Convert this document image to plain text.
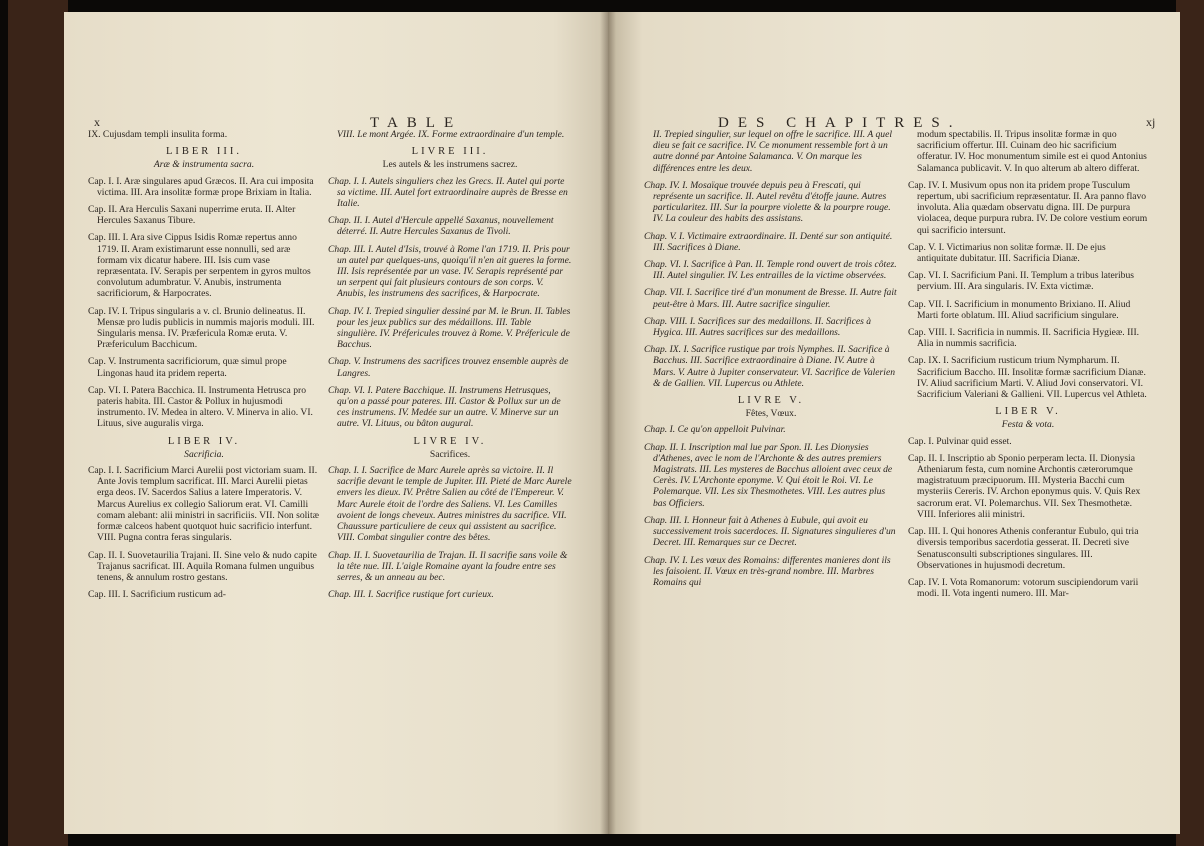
x	TABLE

IX. Cujusdam templi insulita forma.

LIBER III.

Aræ & instrumenta sacra.

Cap. I. I. Aræ singulares apud Græcos. II. Ara cui imposita victima. III. Ara insolitæ formæ prope Brixiam in Italia.

Cap. II. Ara Herculis Saxani nuperrime eruta. II. Alter Hercules Saxanus Tibure.

Cap. III. I. Ara sive Cippus Isidis Romæ repertus anno 1719. II. Aram existimarunt esse nonnulli, sed aræ formam vix dicatur habere. III. Isis cum vase repræsentata. IV. Serapis per serpentem in gyros multos convolutum adumbratur. V. Anubis, instrumenta sacrificiorum, & Harpocrates.

Cap. IV. I. Tripus singularis a v. cl. Brunio delineatus. II. Mensæ pro ludis publicis in nummis majoris moduli. III. Singularis mensa. IV. Præfericula Romæ eruta. V. Præfericulum Bacchicum.

Cap. V. Instrumenta sacrificiorum, quæ simul prope Lingonas haud ita pridem reperta.

Cap. VI. I. Patera Bacchica. II. Instrumenta Hetrusca pro pateris habita. III. Castor & Pollux in hujusmodi instrumento. IV. Medea in altero. V. Minerva in alio. VI. Lituus, sive auguralis virga.

LIBER IV.

Sacrificia.

Cap. I. I. Sacrificium Marci Aurelii post victoriam suam. II. Ante Jovis templum sacrificat. III. Marci Aurelii pietas erga deos. IV. Sacerdos Salius a latere Imperatoris. V. Marcus Aurelius ex collegio Saliorum erat. VI. Camilli comam alebant: alii ministri in sacrificiis. VII. Non solitæ formæ calceos habent quotquot huic sacrificio interfunt. VIII. Pugna contra feras singularis.

Cap. II. I. Suovetaurilia Trajani. II. Sine velo & nudo capite Trajanus sacrificat. III. Aquila Romana fulmen unguibus tenens, & annulum rostro gestans.

Cap. III. I. Sacrificium rusticum ad-

VIII. Le mont Argée. IX. Forme extraordinaire d'un temple.

LIVRE III.

Les autels & les instrumens sacrez.

Chap. I. I. Autels singuliers chez les Grecs. II. Autel qui porte sa victime. III. Autel fort extraordinaire auprès de Bresse en Italie.

Chap. II. I. Autel d'Hercule appellé Saxanus, nouvellement déterré. II. Autre Hercules Saxanus de Tivoli.

Chap. III. I. Autel d'Isis, trouvé à Rome l'an 1719. II. Pris pour un autel par quelques-uns, quoiqu'il n'en ait gueres la forme. III. Isis représentée par un vase. IV. Serapis représenté par un serpent qui fait plusieurs contours de son corps. V. Anubis, les instrumens des sacrifices, & Harpocrate.

Chap. IV. I. Trepied singulier dessiné par M. le Brun. II. Tables pour les jeux publics sur des médaillons. III. Table singulière. IV. Préfericules trouvez à Rome. V. Préfericule de Bacchus.

Chap. V. Instrumens des sacrifices trouvez ensemble auprès de Langres.

Chap. VI. I. Patere Bacchique. II. Instrumens Hetrusques, qu'on a passé pour pateres. III. Castor & Pollux sur un de ces instrumens. IV. Medée sur un autre. V. Minerve sur un autre. VI. Lituus, ou bâton augural.

LIVRE IV.

Sacrifices.

Chap. I. I. Sacrifice de Marc Aurele après sa victoire. II. Il sacrifie devant le temple de Jupiter. III. Pieté de Marc Aurele envers les dieux. IV. Prêtre Salien au côté de l'Empereur. V. Marc Aurele étoit de l'ordre des Saliens. VI. Les Camilles avoient de longs cheveux. Autres ministres du sacrifice. VII. Chaussure particuliere de ceux qui assistent au sacrifice. VIII. Combat singulier contre des bêtes.

Chap. II. I. Suovetaurilia de Trajan. II. Il sacrifie sans voile & la tête nue. III. L'aigle Romaine ayant la foudre entre ses serres, & un anneau au bec.

Chap. III. I. Sacrifice rustique fort curieux.

DES CHAPITRES.	xj

II. Trepied singulier, sur lequel on offre le sacrifice. III. A quel dieu se fait ce sacrifice. IV. Ce monument ressemble fort à un autre donné par Antoine Salamanca. V. On marque les différences entre les deux.

Chap. IV. I. Mosaïque trouvée depuis peu à Frescati, qui représente un sacrifice. II. Autel revêtu d'étoffe jaune. Autres particularitez. III. Sur la pourpre violette & la pourpre rouge. IV. La couleur des habits des assistans.

Chap. V. I. Victimaire extraordinaire. II. Denté sur son antiquité. III. Sacrifices à Diane.

Chap. VI. I. Sacrifice à Pan. II. Temple rond ouvert de trois côtez. III. Autel singulier. IV. Les entrailles de la victime observées.

Chap. VII. I. Sacrifice tiré d'un monument de Bresse. II. Autre fait peut-être à Mars. III. Autre sacrifice singulier.

Chap. VIII. I. Sacrifices sur des medaillons. II. Sacrifices à Hygica. III. Autres sacrifices sur des medaillons.

Chap. IX. I. Sacrifice rustique par trois Nymphes. II. Sacrifice à Bacchus. III. Sacrifice extraordinaire à Diane. IV. Autre à Mars. V. Autre à Jupiter conservateur. VI. Sacrifice de Valerien & de Gallien. VII. Lupercus ou Athlete.

LIVRE V.

Fêtes, Vœux.

Chap. I. Ce qu'on appelloit Pulvinar.

Chap. II. I. Inscription mal lue par Spon. II. Les Dionysies d'Athenes, avec le nom de l'Archonte & des autres premiers Magistrats. III. Les mysteres de Bacchus alloient avec ceux de Cerès. IV. L'Archonte eponyme. V. Qui étoit le Roi. VI. Le Polemarque. VII. Les six Thesmothetes. VIII. Les autres plus bas Officiers.

Chap. III. I. Honneur fait à Athenes à Eubule, qui avoit eu successivement trois sacerdoces. II. Signatures singulieres d'un Decret. III. Remarques sur ce Decret.

Chap. IV. I. Les vœux des Romains: differentes manieres dont ils les faisoient. II. Vœux en très-grand nombre. III. Marbres Romains qui

modum spectabilis. II. Tripus insolitæ formæ in quo sacrificium offertur. III. Cuinam deo hic sacrificium offeratur. IV. Hoc monumentum simile est ei quod Antonius Salamanca publicavit. V. In quo alterum ab altero differat.

Cap. IV. I. Musivum opus non ita pridem prope Tusculum repertum, ubi sacrificium repræsentatur. II. Ara panno flavo involuta. Alia quædam observatu digna. III. De purpura violacea, deque purpura rubra. IV. De colore vestium eorum qui sacrificio intersunt.

Cap. V. I. Victimarius non solitæ formæ. II. De ejus antiquitate dubitatur. III. Sacrificia Dianæ.

Cap. VI. I. Sacrificium Pani. II. Templum a tribus lateribus pervium. III. Ara singularis. IV. Exta victimæ.

Cap. VII. I. Sacrificium in monumento Brixiano. II. Aliud Marti forte oblatum. III. Aliud sacrificium singulare.

Cap. VIII. I. Sacrificia in nummis. II. Sacrificia Hygieæ. III. Alia in nummis sacrificia.

Cap. IX. I. Sacrificium rusticum trium Nympharum. II. Sacrificium Baccho. III. Insolitæ formæ sacrificium Dianæ. IV. Aliud sacrificium Marti. V. Aliud Jovi conservatori. VI. Sacrificium Valeriani & Gallieni. VII. Lupercus vel Athleta.

LIBER V.

Festa & vota.

Cap. I. Pulvinar quid esset.

Cap. II. I. Inscriptio ab Sponio perperam lecta. II. Dionysia Atheniarum festa, cum nomine Archontis cæterorumque magistratuum præcipuorum. III. Mysteria Bacchi cum mysteriis Cereris. IV. Archon eponymus quis. V. Quis Rex sacrorum erat. VI. Polemarchus. VII. Sex Thesmothetæ. VIII. Inferiores alii ministri.

Cap. III. I. Qui honores Athenis conferantur Eubulo, qui tria diversis temporibus sacerdotia gesserat. II. Decreti sive Senatusconsulti subscriptiones singulares. III. Observationes in hujusmodi decretum.

Cap. IV. I. Vota Romanorum: votorum suscipiendorum varii modi. II. Vota ingenti numero. III. Mar-
